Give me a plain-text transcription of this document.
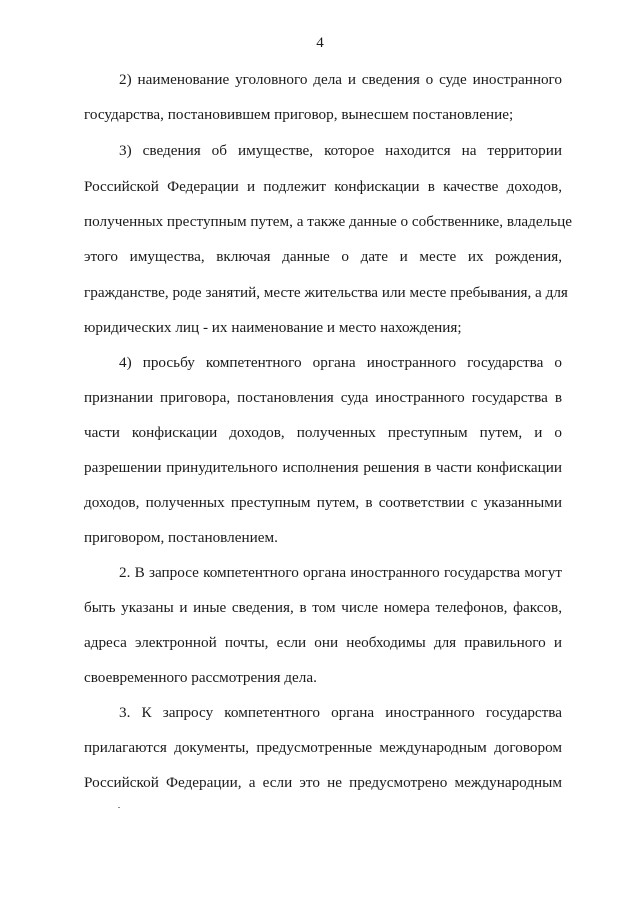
4
2) наименование уголовного дела и сведения о суде иностранного
государства, постановившем приговор, вынесшем постановление;
3) сведения об имуществе, которое находится на территории
Российской Федерации и подлежит конфискации в качестве доходов,
полученных преступным путем, а также данные о собственнике, владельце
этого имущества, включая данные о дате и месте их рождения,
гражданстве, роде занятий, месте жительства или месте пребывания, а для
юридических лиц - их наименование и место нахождения;
4) просьбу компетентного органа иностранного государства о
признании приговора, постановления суда иностранного государства в
части конфискации доходов, полученных преступным путем, и о
разрешении принудительного исполнения решения в части конфискации
доходов, полученных преступным путем, в соответствии с указанными
приговором, постановлением.
2. В запросе компетентного органа иностранного государства могут
быть указаны и иные сведения, в том числе номера телефонов, факсов,
адреса электронной почты, если они необходимы для правильного и
своевременного рассмотрения дела.
3. К запросу компетентного органа иностранного государства
прилагаются документы, предусмотренные международным договором
Российской Федерации, а если это не предусмотрено международным
